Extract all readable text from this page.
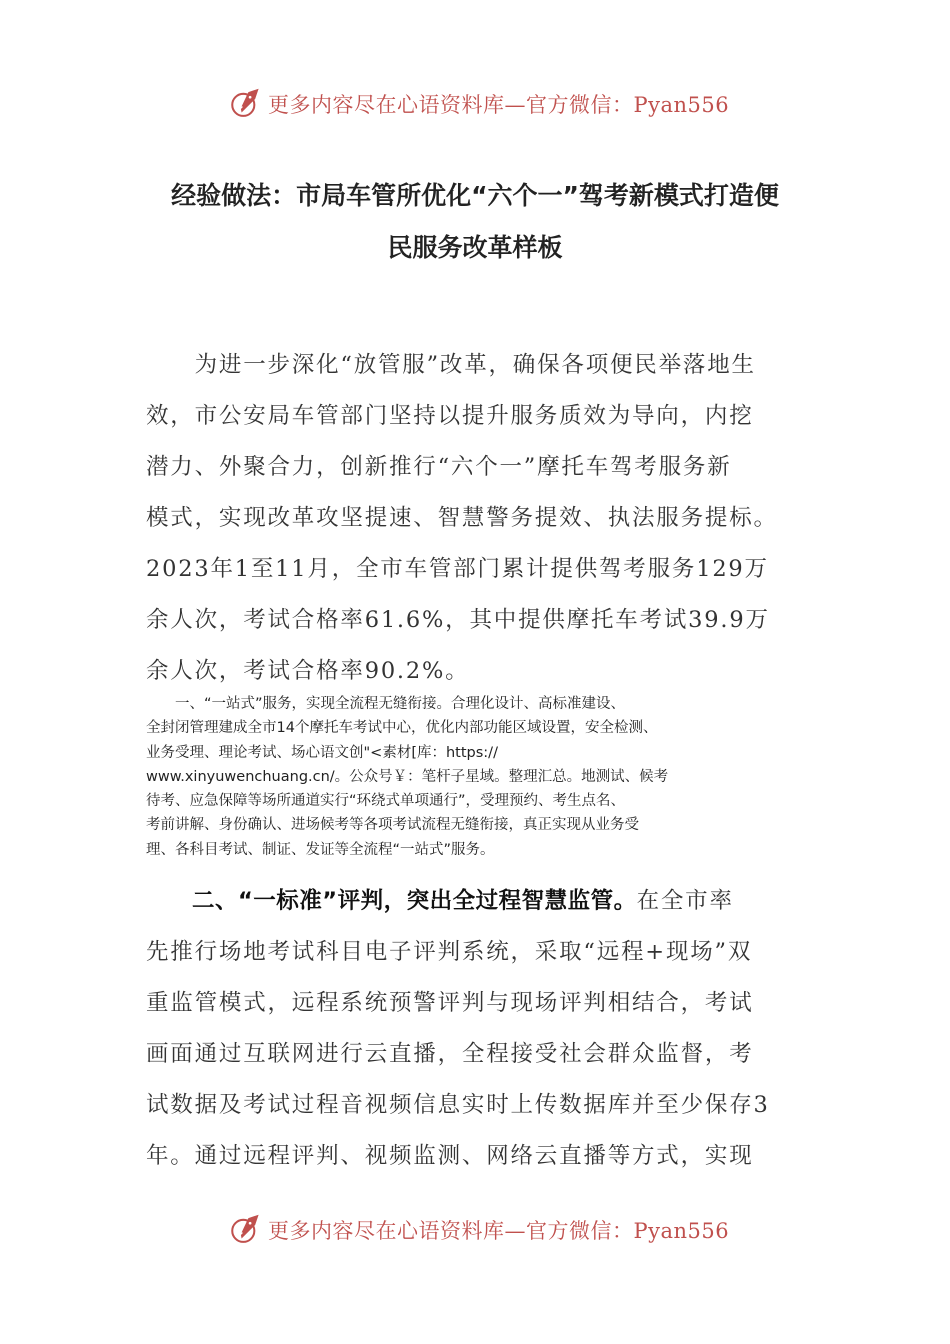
更多内容尽在心语资料库—官方微信：Pyan556
经验做法：市局车管所优化“六个一”驾考新模式打造便
民服务改革样板
　　为进一步深化“放管服”改革，确保各项便民举落地生
效，市公安局车管部门坚持以提升服务质效为导向，内挖
潜力、外聚合力，创新推行“六个一”摩托车驾考服务新
模式，实现改革攻坚提速、智慧警务提效、执法服务提标。
2023年1至11月，全市车管部门累计提供驾考服务129万
余人次，考试合格率61.6%，其中提供摩托车考试39.9万
余人次，考试合格率90.2%。
　　一、“一站式”服务，实现全流程无缝衔接。合理化设计、高标准建设、
全封闭管理建成全市14个摩托车考试中心，优化内部功能区域设置，安全检测、
业务受理、理论考试、场心语文创"<素材[库：https://
www.xinyuwenchuang.cn/。公众号￥：笔杆子星域。整理汇总。地测试、候考
待考、应急保障等场所通道实行“环绕式单项通行”，受理预约、考生点名、
考前讲解、身份确认、进场候考等各项考试流程无缝衔接，真正实现从业务受
理、各科目考试、制证、发证等全流程“一站式”服务。
　　二、“一标准”评判，突出全过程智慧监管。在全市率
先推行场地考试科目电子评判系统，采取“远程+现场”双
重监管模式，远程系统预警评判与现场评判相结合，考试
画面通过互联网进行云直播，全程接受社会群众监督，考
试数据及考试过程音视频信息实时上传数据库并至少保存3
年。通过远程评判、视频监测、网络云直播等方式，实现
更多内容尽在心语资料库—官方微信：Pyan556
